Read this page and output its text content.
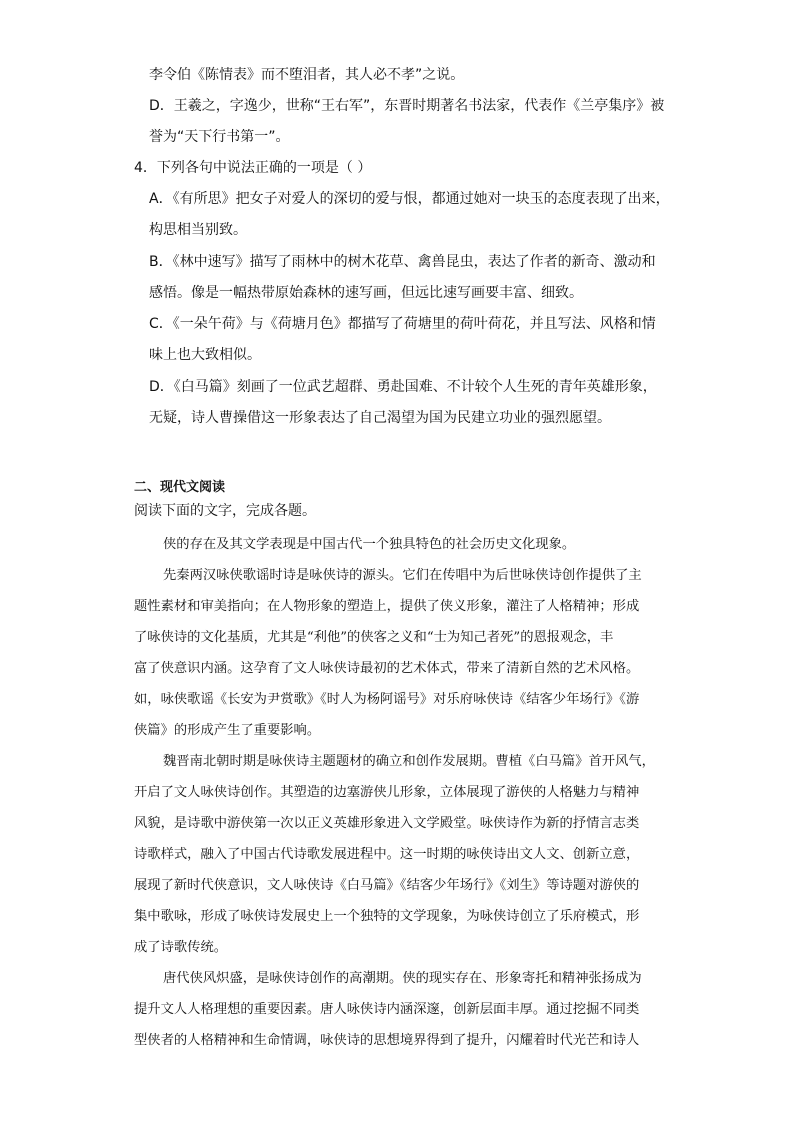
李令伯《陈情表》而不堕泪者，其人必不孝”之说。
D．王羲之，字逸少，世称“王右军”，东晋时期著名书法家，代表作《兰亭集序》被
誉为“天下行书第一”。
4．下列各句中说法正确的一项是（ ）
A．《有所思》把女子对爱人的深切的爱与恨，都通过她对一块玉的态度表现了出来，
构思相当别致。
B．《林中速写》描写了雨林中的树木花草、禽兽昆虫，表达了作者的新奇、激动和
感悟。像是一幅热带原始森林的速写画，但远比速写画要丰富、细致。
C．《一朵午荷》与《荷塘月色》都描写了荷塘里的荷叶荷花，并且写法、风格和情
味上也大致相似。
D．《白马篇》刻画了一位武艺超群、勇赴国难、不计较个人生死的青年英雄形象，
无疑，诗人曹操借这一形象表达了自己渴望为国为民建立功业的强烈愿望。
二、现代文阅读
阅读下面的文字，完成各题。
侠的存在及其文学表现是中国古代一个独具特色的社会历史文化现象。
先秦两汉咏侠歌谣时诗是咏侠诗的源头。它们在传唱中为后世咏侠诗创作提供了主
题性素材和审美指向；在人物形象的塑造上，提供了侠义形象，灌注了人格精神；形成
了咏侠诗的文化基质，尤其是“利他”的侠客之义和“士为知己者死”的恩报观念，丰
富了侠意识内涵。这孕育了文人咏侠诗最初的艺术体式，带来了清新自然的艺术风格。
如，咏侠歌谣《长安为尹赏歌》《时人为杨阿谣号》对乐府咏侠诗《结客少年场行》《游
侠篇》的形成产生了重要影响。
魏晋南北朝时期是咏侠诗主题题材的确立和创作发展期。曹植《白马篇》首开风气，
开启了文人咏侠诗创作。其塑造的边塞游侠儿形象，立体展现了游侠的人格魅力与精神
风貌，是诗歌中游侠第一次以正义英雄形象进入文学殿堂。咏侠诗作为新的抒情言志类
诗歌样式，融入了中国古代诗歌发展进程中。这一时期的咏侠诗出文人文、创新立意，
展现了新时代侠意识，文人咏侠诗《白马篇》《结客少年场行》《刘生》等诗题对游侠的
集中歌咏，形成了咏侠诗发展史上一个独特的文学现象，为咏侠诗创立了乐府模式，形
成了诗歌传统。
唐代侠风炽盛，是咏侠诗创作的高潮期。侠的现实存在、形象寄托和精神张扬成为
提升文人人格理想的重要因素。唐人咏侠诗内涵深邃，创新层面丰厚。通过挖掘不同类
型侠者的人格精神和生命情调，咏侠诗的思想境界得到了提升，闪耀着时代光芒和诗人
